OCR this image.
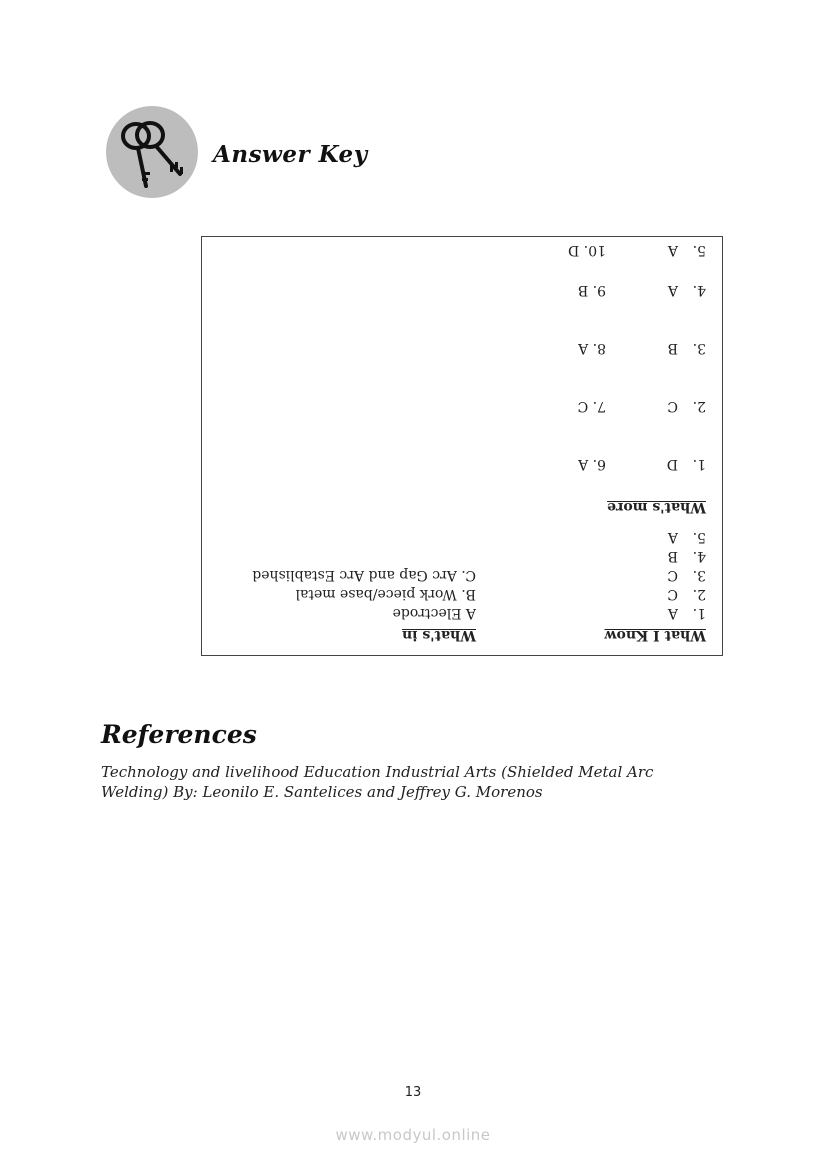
Answer Key
What I Know
1.A
2.C
3.C
4.B
5.A
What's in
A Electrode
B. Work piece/base metal
C. Arc Gap and Arc Established
What's more
1.D
2.C
3.B
4.A
5.A
6. A
7. C
8. A
9. B
10. D
References
Technology and livelihood Education Industrial Arts (Shielded Metal Arc
Welding) By: Leonilo E. Santelices and Jeffrey G. Morenos
13
www.modyul.online
